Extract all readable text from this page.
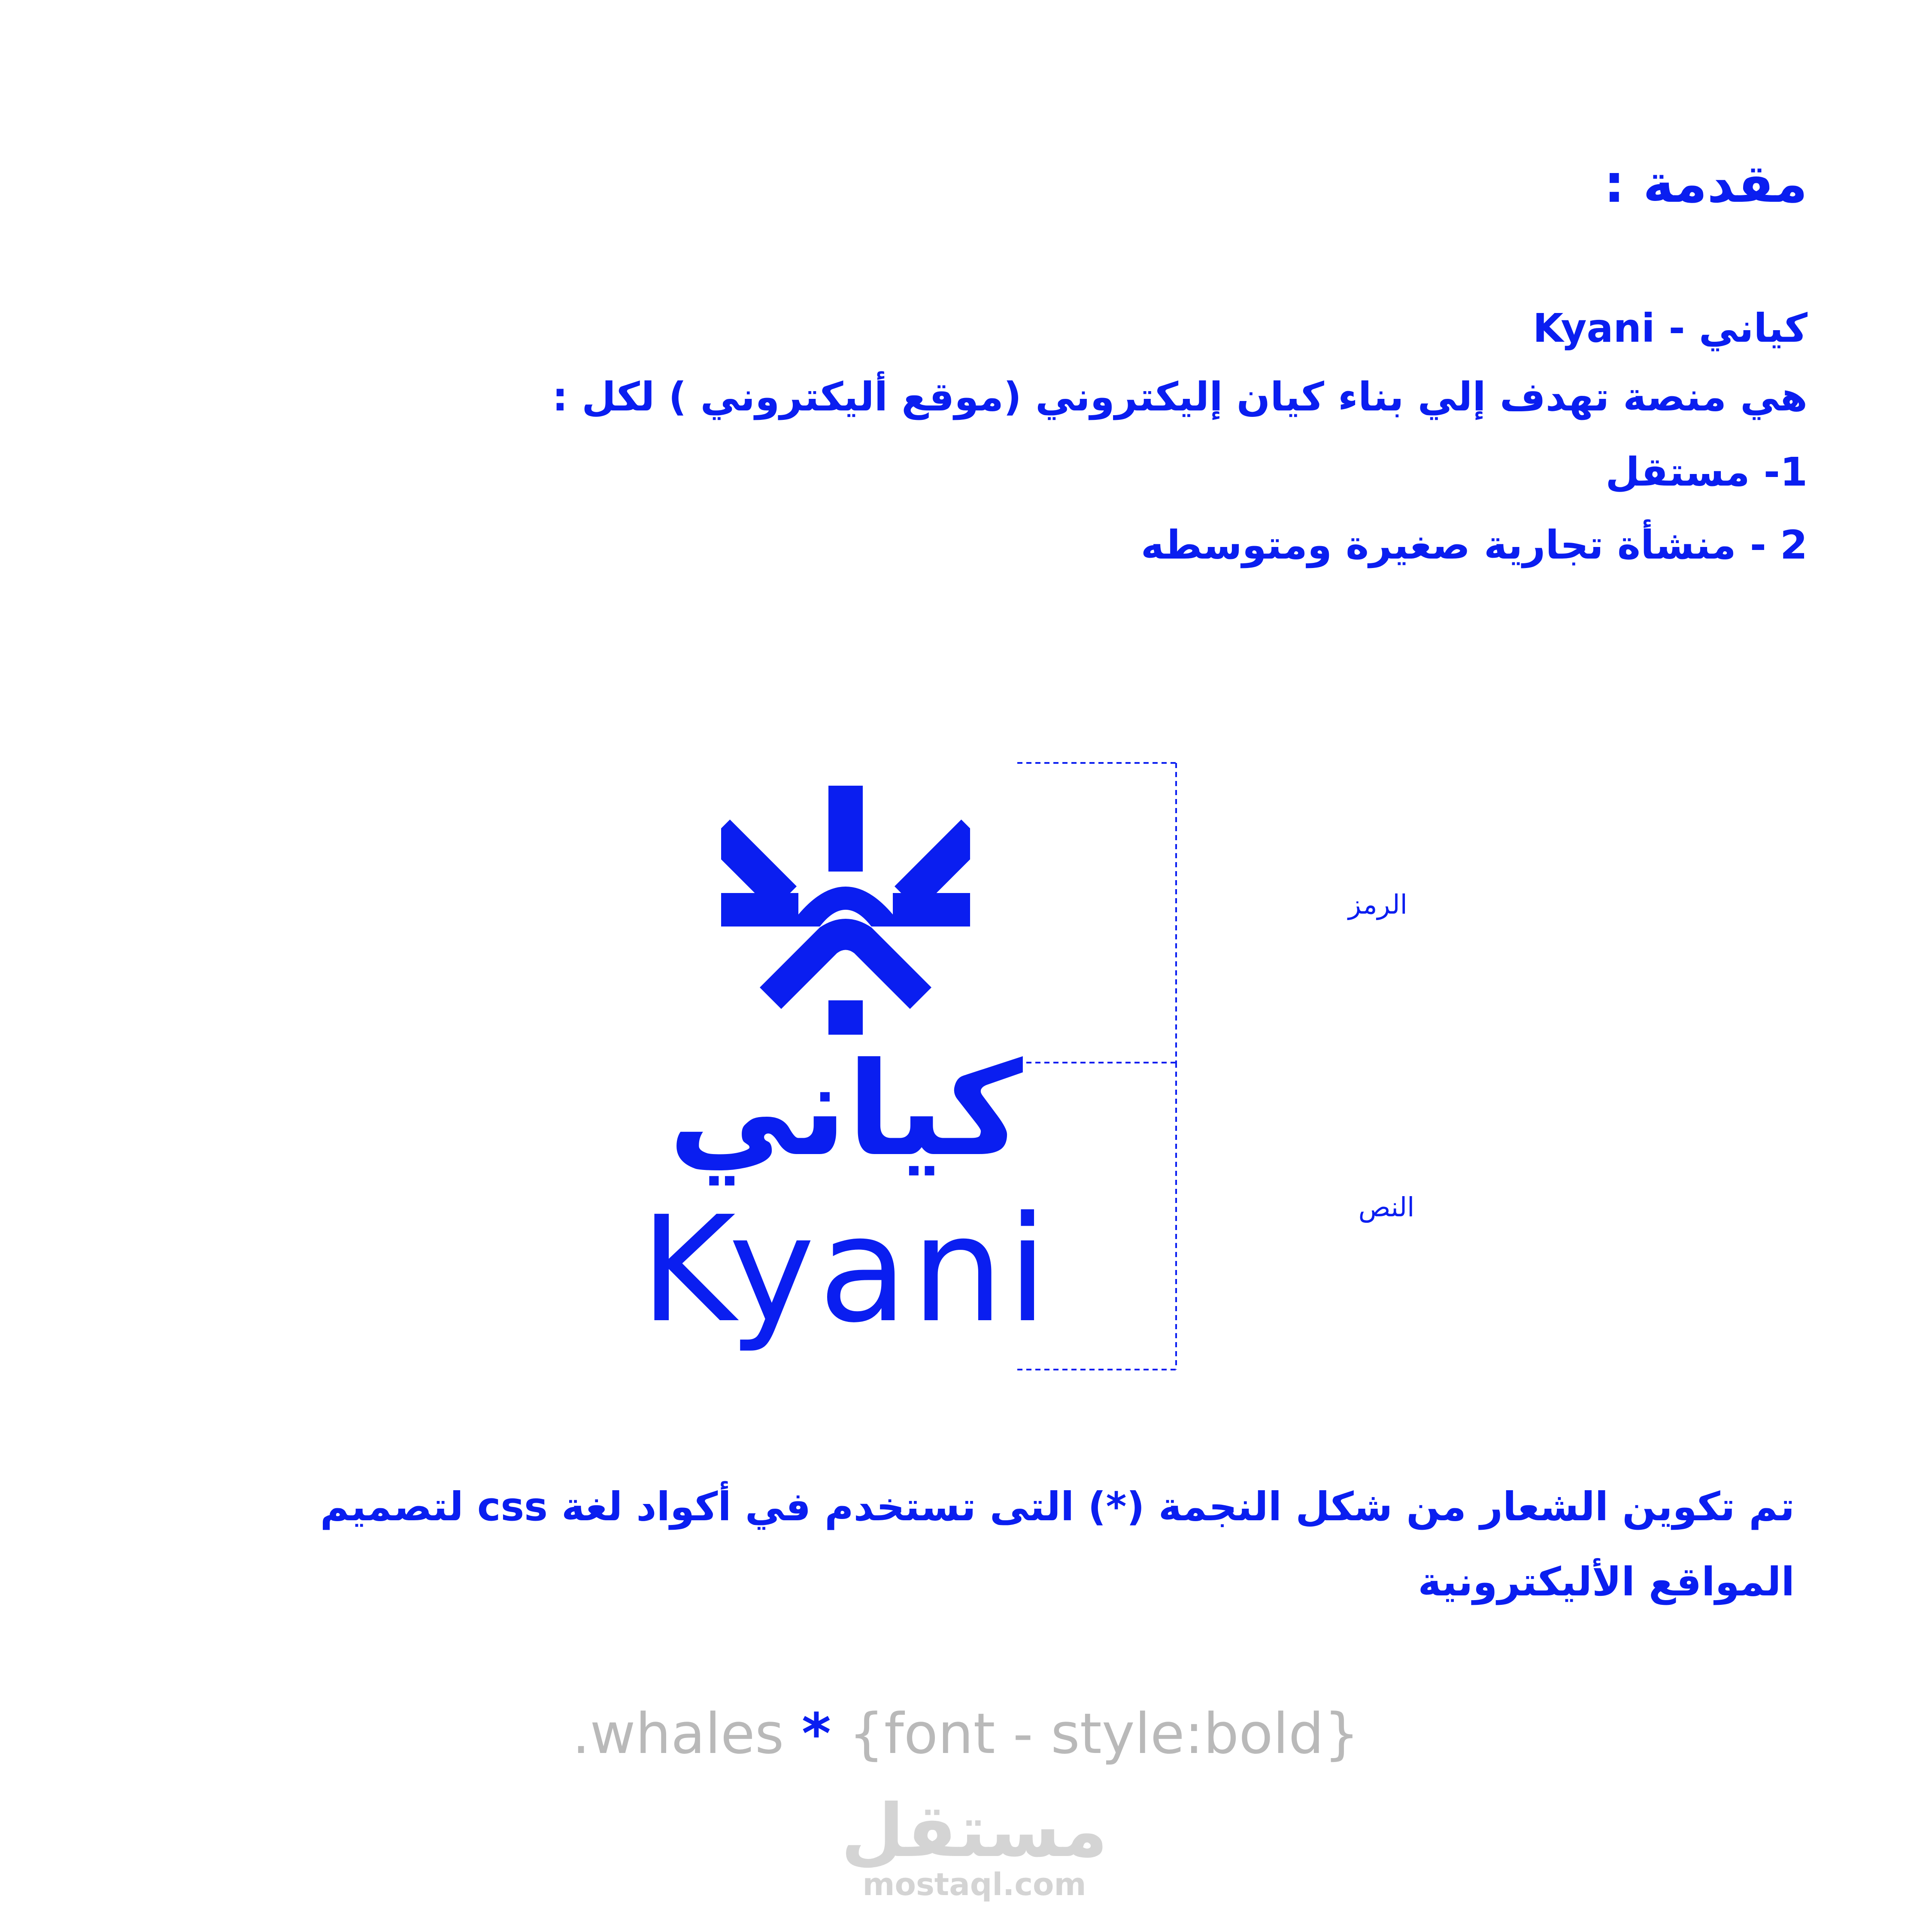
مقدمة :
كياني - Kyani
هي منصة تهدف إلي بناء كيان إليكتروني (موقع أليكتروني ) لكل :
1- مستقل
2 - منشأة تجارية صغيرة ومتوسطه
كياني
Kyani
الرمز
النص
تم تكوين الشعار من شكل النجمة (*) التى تستخدم في أكواد لغة css لتصميم
المواقع الأليكترونية
.whales * {font - style:bold}
مستقل
mostaql.com
